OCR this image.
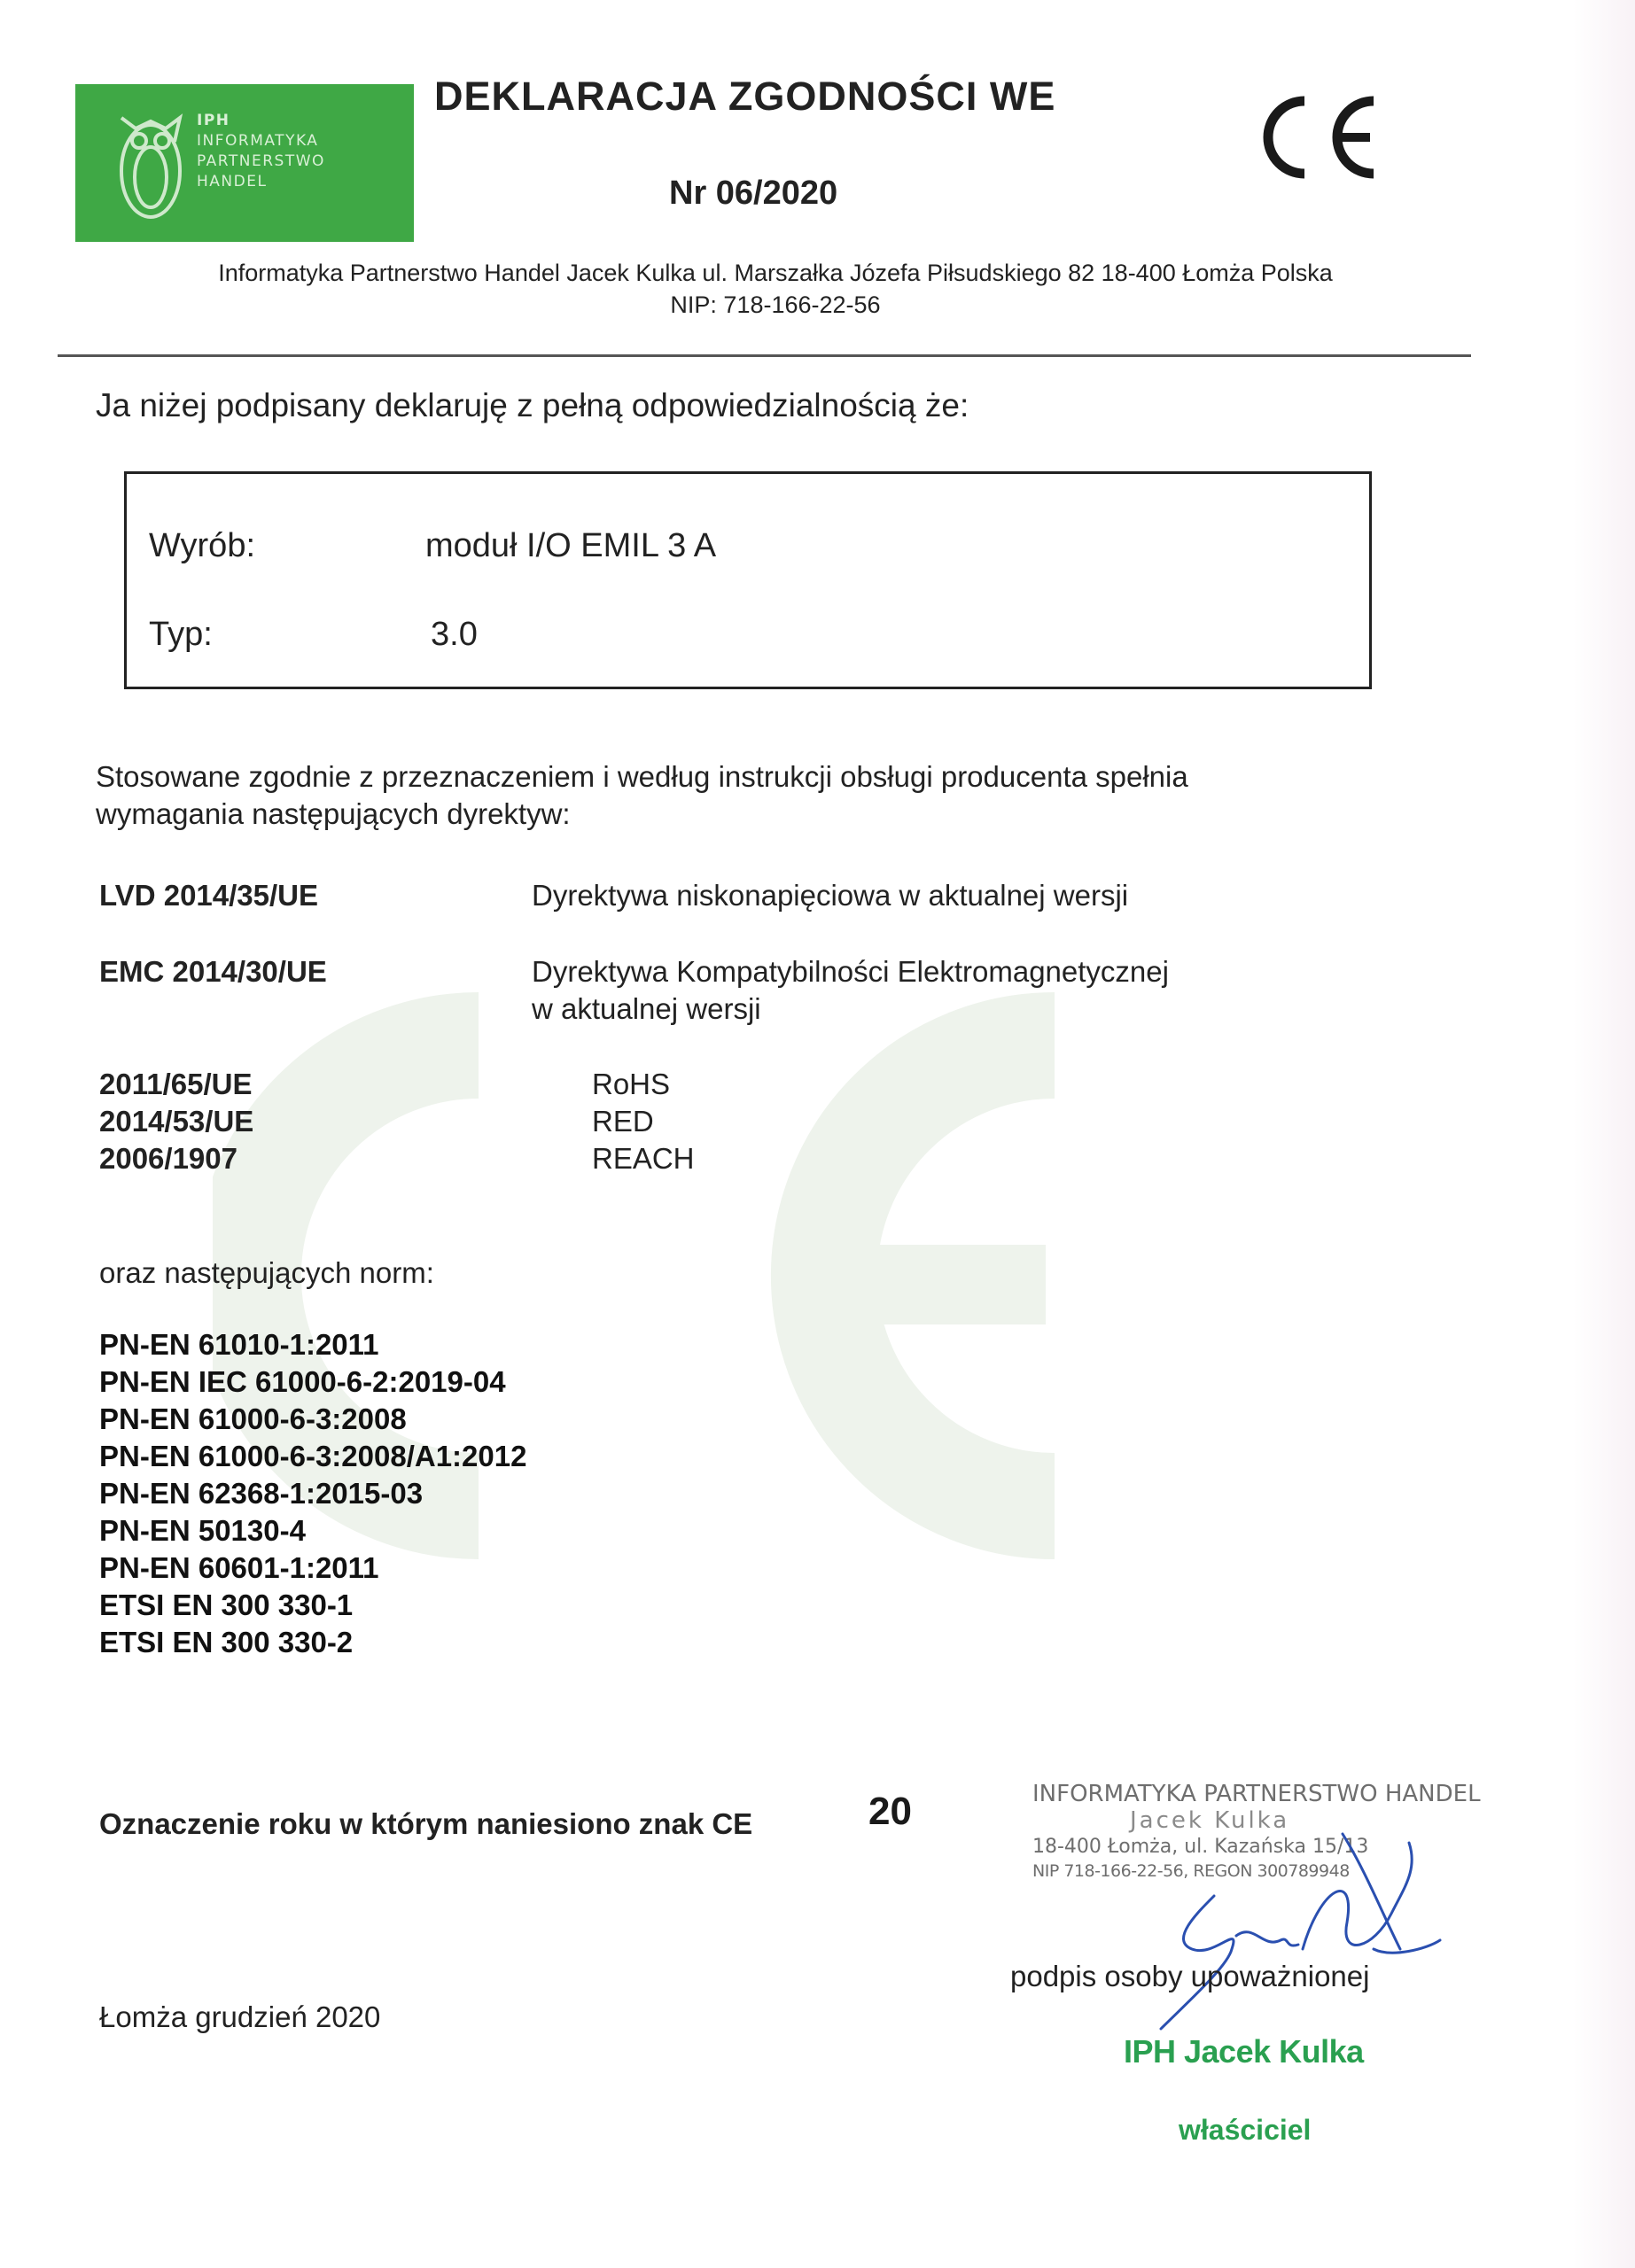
IPH
INFORMATYKA
PARTNERSTWO
HANDEL
DEKLARACJA ZGODNOŚCI WE
Nr 06/2020
Informatyka Partnerstwo Handel Jacek Kulka ul. Marszałka Józefa Piłsudskiego 82 18-400 Łomża Polska
NIP: 718-166-22-56
Ja niżej podpisany deklaruję z pełną odpowiedzialnością że:
Wyrób:	moduł I/O EMIL 3 A
Typ:	3.0
Stosowane zgodnie z przeznaczeniem i według instrukcji obsługi producenta spełnia
wymagania następujących dyrektyw:
LVD 2014/35/UE	Dyrektywa niskonapięciowa w aktualnej wersji
EMC 2014/30/UE	Dyrektywa Kompatybilności Elektromagnetycznej
w aktualnej wersji
2011/65/UE	RoHS
2014/53/UE	RED
2006/1907	REACH
oraz następujących norm:
PN-EN 61010-1:2011
PN-EN IEC 61000-6-2:2019-04
PN-EN 61000-6-3:2008
PN-EN 61000-6-3:2008/A1:2012
PN-EN 62368-1:2015-03
PN-EN 50130-4
PN-EN 60601-1:2011
ETSI EN 300 330-1
ETSI EN 300 330-2
Oznaczenie roku w którym naniesiono znak CE	20	INFORMATYKA PARTNERSTWO HANDEL
Jacek Kulka
18-400 Łomża, ul. Kazańska 15/13
NIP 718-166-22-56, REGON 300789948
podpis osoby upoważnionej
IPH Jacek Kulka
właściciel
Łomża grudzień 2020
